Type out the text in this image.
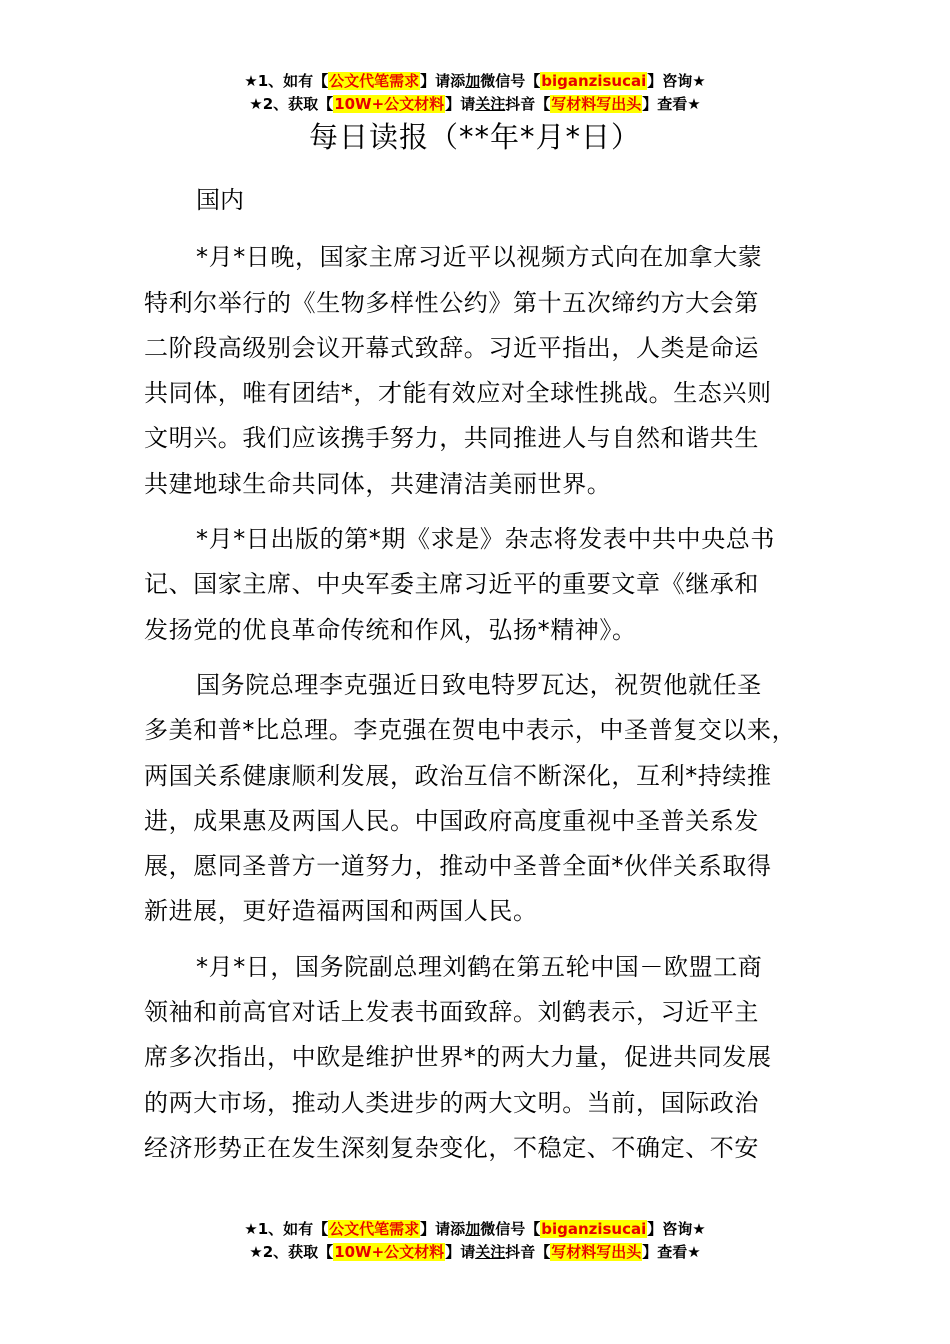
★1、如有【公文代笔需求】请添加微信号【biganzisucai】咨询★
★2、获取【10W+公文材料】请关注抖音【写材料写出头】查看★
每日读报（**年*月*日）
国内
*月*日晚，国家主席习近平以视频方式向在加拿大蒙
特利尔举行的《生物多样性公约》第十五次缔约方大会第
二阶段高级别会议开幕式致辞。习近平指出，人类是命运
共同体，唯有团结*，才能有效应对全球性挑战。生态兴则
文明兴。我们应该携手努力，共同推进人与自然和谐共生
共建地球生命共同体，共建清洁美丽世界。
*月*日出版的第*期《求是》杂志将发表中共中央总书
记、国家主席、中央军委主席习近平的重要文章《继承和
发扬党的优良革命传统和作风，弘扬*精神》。
国务院总理李克强近日致电特罗瓦达，祝贺他就任圣
多美和普*比总理。李克强在贺电中表示，中圣普复交以来，
两国关系健康顺利发展，政治互信不断深化，互利*持续推
进，成果惠及两国人民。中国政府高度重视中圣普关系发
展，愿同圣普方一道努力，推动中圣普全面*伙伴关系取得
新进展，更好造福两国和两国人民。
*月*日，国务院副总理刘鹤在第五轮中国－欧盟工商
领袖和前高官对话上发表书面致辞。刘鹤表示，习近平主
席多次指出，中欧是维护世界*的两大力量，促进共同发展
的两大市场，推动人类进步的两大文明。当前，国际政治
经济形势正在发生深刻复杂变化，不稳定、不确定、不安
★1、如有【公文代笔需求】请添加微信号【biganzisucai】咨询★
★2、获取【10W+公文材料】请关注抖音【写材料写出头】查看★
